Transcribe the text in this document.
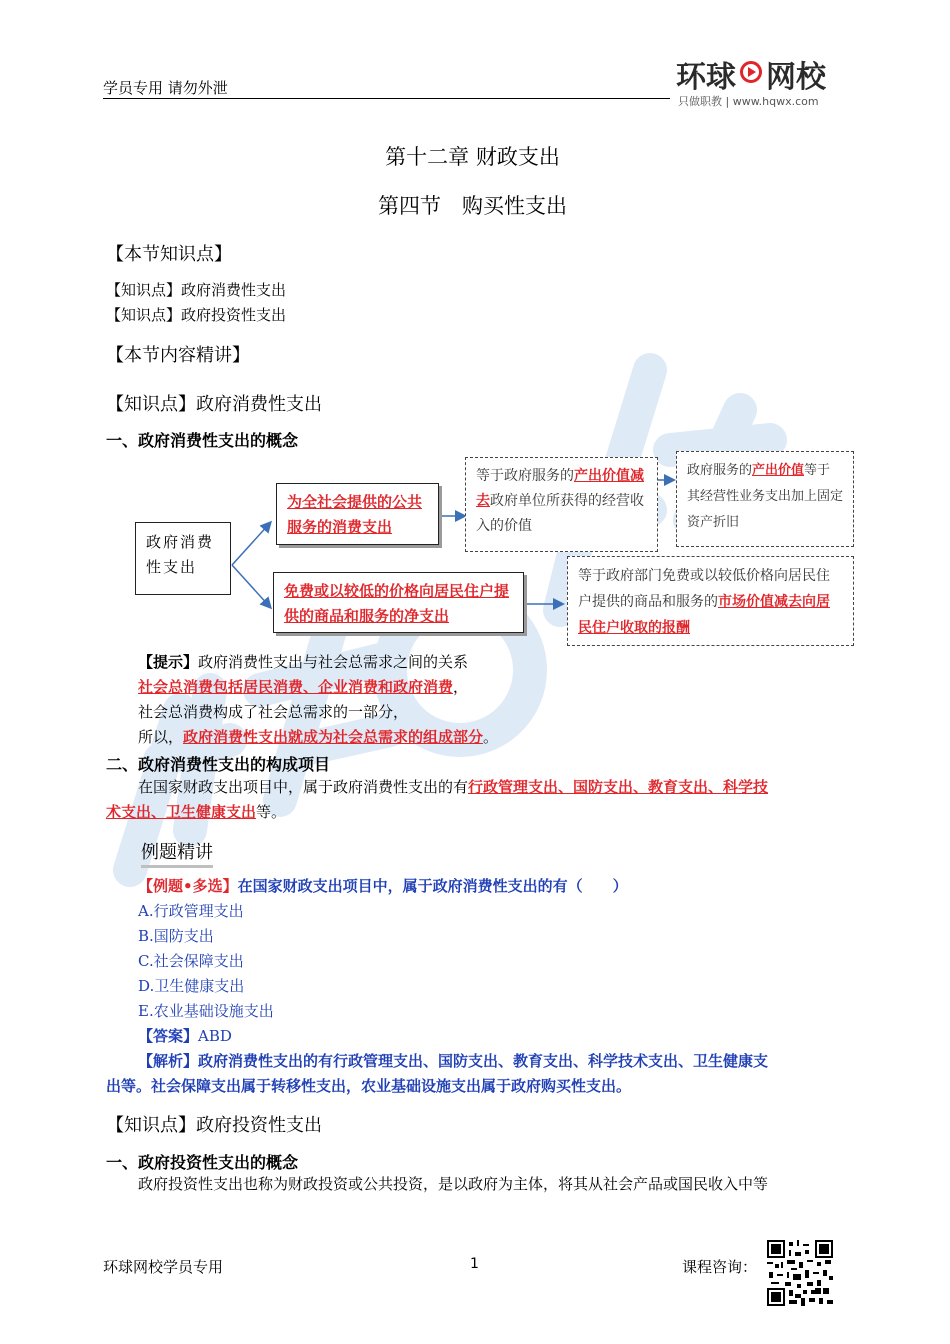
学员专用 请勿外泄	环球 网校
只做职教 | www.hqwx.com
第十二章 财政支出
第四节　购买性支出
【本节知识点】
【知识点】政府消费性支出
【知识点】政府投资性支出
【本节内容精讲】
【知识点】政府消费性支出
一、政府消费性支出的概念
政府消费性支出
为全社会提供的公共服务的消费支出
等于政府服务的产出价值减去政府单位所获得的经营收入的价值
政府服务的产出价值等于其经营性业务支出加上固定资产折旧
免费或以较低的价格向居民住户提供的商品和服务的净支出
等于政府部门免费或以较低价格向居民住户提供的商品和服务的市场价值减去向居民住户收取的报酬
【提示】政府消费性支出与社会总需求之间的关系
社会总消费包括居民消费、企业消费和政府消费，
社会总消费构成了社会总需求的一部分，
所以，政府消费性支出就成为社会总需求的组成部分。
二、政府消费性支出的构成项目
在国家财政支出项目中，属于政府消费性支出的有行政管理支出、国防支出、教育支出、科学技
术支出、卫生健康支出等。
例题精讲
【例题•多选】在国家财政支出项目中，属于政府消费性支出的有（　　）
A.行政管理支出
B.国防支出
C.社会保障支出
D.卫生健康支出
E.农业基础设施支出
【答案】ABD
【解析】政府消费性支出的有行政管理支出、国防支出、教育支出、科学技术支出、卫生健康支
出等。社会保障支出属于转移性支出，农业基础设施支出属于政府购买性支出。
【知识点】政府投资性支出
一、政府投资性支出的概念
政府投资性支出也称为财政投资或公共投资，是以政府为主体，将其从社会产品或国民收入中等
环球网校学员专用	1	课程咨询：
